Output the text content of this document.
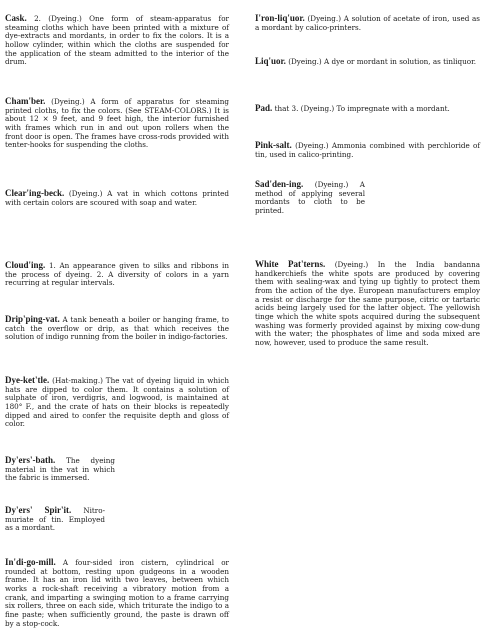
Cask. 2. (Dyeing.) One form of steam-apparatus for steaming cloths which have been printed with a mixture of dye-extracts and mordants, in order to fix the colors. It is a hollow cylinder, within which the cloths are suspended for the application of the steam admitted to the interior of the drum.

Cham'ber. (Dyeing.) A form of apparatus for steaming printed cloths, to fix the colors. (See STEAM-COLORS.) It is about 12 × 9 feet, and 9 feet high, the interior furnished with frames which run in and out upon rollers when the front door is open. The frames have cross-rods provided with tenter-hooks for suspending the cloths.

Clear'ing-beck. (Dyeing.) A vat in which cottons printed with certain colors are scoured with soap and water.

Cloud'ing. 1. An appearance given to silks and ribbons in the process of dyeing. 2. A diversity of colors in a yarn recurring at regular intervals.

Drip'ping-vat. A tank beneath a boiler or hanging frame, to catch the overflow or drip, as that which receives the solution of indigo running from the boiler in indigo-factories.

Dye-ket'tle. (Hat-making.) The vat of dyeing liquid in which hats are dipped to color them. It contains a solution of sulphate of iron, verdigris, and logwood, is maintained at 180° F., and the crate of hats on their blocks is repeatedly dipped and aired to confer the requisite depth and gloss of color.

Dy'ers'-bath. The dyeing material in the vat in which the fabric is immersed.

Dy'ers' Spir'it. Nitro-muriate of tin. Employed as a mordant.

In'di-go-mill. A four-sided iron cistern, cylindrical or rounded at bottom, resting upon gudgeons in a wooden frame. It has an iron lid with two leaves, between which works a rock-shaft receiving a vibratory motion from a crank, and imparting a swinging motion to a frame carrying six rollers, three on each side, which triturate the indigo to a fine paste; when sufficiently ground, the paste is drawn off by a stop-cock.

I'ron-liq'uor. (Dyeing.) A solution of acetate of iron, used as a mordant by calico-printers.

Liq'uor. (Dyeing.) A dye or mordant in solution, as tinliquor.

Pad. that 3. (Dyeing.) To impregnate with a mordant.

Pink-salt. (Dyeing.) Ammonia combined with perchloride of tin, used in calico-printing.

Sad'den-ing. (Dyeing.) A method of applying several mordants to cloth to be printed.

White Pat'terns. (Dyeing.) In the India bandanna handkerchiefs the white spots are produced by covering them with sealing-wax and tying up tightly to protect them from the action of the dye. European manufacturers employ a resist or discharge for the same purpose, citric or tartaric acids being largely used for the latter object. The yellowish tinge which the white spots acquired during the subsequent washing was formerly provided against by mixing cow-dung with the water; the phosphates of lime and soda mixed are now, however, used to produce the same result.
